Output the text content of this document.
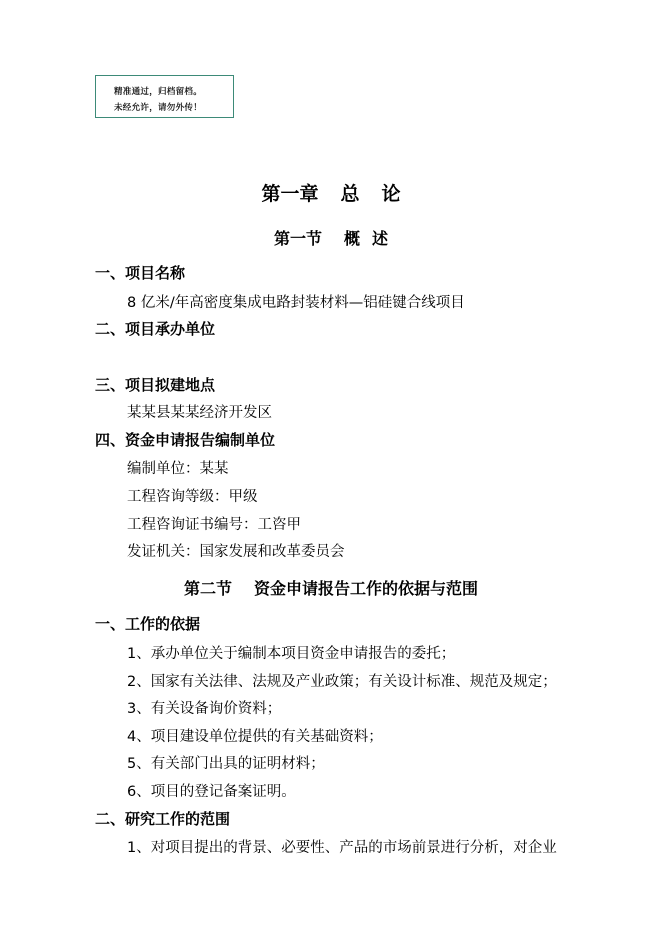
精准通过，归档留档。
未经允许，请勿外传！
第一章 总 论
第一节 概 述
一、项目名称
8 亿米/年高密度集成电路封装材料—铝硅键合线项目
二、项目承办单位
三、项目拟建地点
某某县某某经济开发区
四、资金申请报告编制单位
编制单位：某某
工程咨询等级：甲级
工程咨询证书编号：工咨甲
发证机关：国家发展和改革委员会
第二节 资金申请报告工作的依据与范围
一、工作的依据
1、承办单位关于编制本项目资金申请报告的委托；
2、国家有关法律、法规及产业政策；有关设计标准、规范及规定；
3、有关设备询价资料；
4、项目建设单位提供的有关基础资料；
5、有关部门出具的证明材料；
6、项目的登记备案证明。
二、研究工作的范围
1、对项目提出的背景、必要性、产品的市场前景进行分析，对企业
